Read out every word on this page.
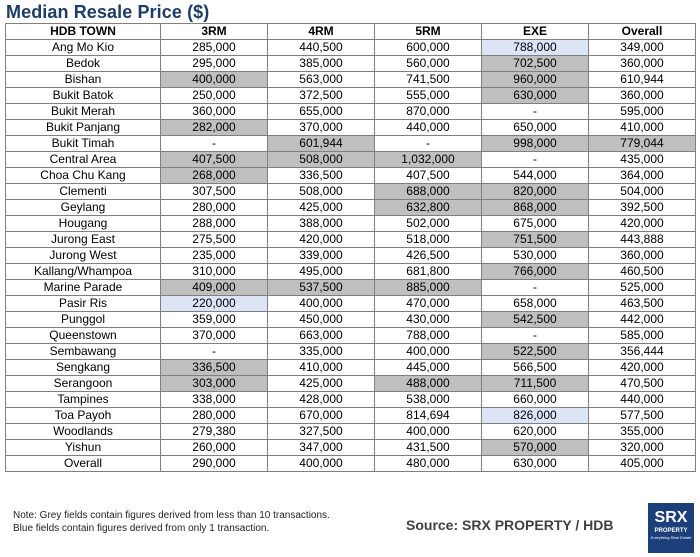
Median Resale Price ($)
HDB TOWN	3RM	4RM	5RM	EXE	Overall
Ang Mo Kio	285,000	440,500	600,000	788,000	349,000
Bedok	295,000	385,000	560,000	702,500	360,000
Bishan	400,000	563,000	741,500	960,000	610,944
Bukit Batok	250,000	372,500	555,000	630,000	360,000
Bukit Merah	360,000	655,000	870,000	-	595,000
Bukit Panjang	282,000	370,000	440,000	650,000	410,000
Bukit Timah	-	601,944	-	998,000	779,044
Central Area	407,500	508,000	1,032,000	-	435,000
Choa Chu Kang	268,000	336,500	407,500	544,000	364,000
Clementi	307,500	508,000	688,000	820,000	504,000
Geylang	280,000	425,000	632,800	868,000	392,500
Hougang	288,000	388,000	502,000	675,000	420,000
Jurong East	275,500	420,000	518,000	751,500	443,888
Jurong West	235,000	339,000	426,500	530,000	360,000
Kallang/Whampoa	310,000	495,000	681,800	766,000	460,500
Marine Parade	409,000	537,500	885,000	-	525,000
Pasir Ris	220,000	400,000	470,000	658,000	463,500
Punggol	359,000	450,000	430,000	542,500	442,000
Queenstown	370,000	663,000	788,000	-	585,000
Sembawang	-	335,000	400,000	522,500	356,444
Sengkang	336,500	410,000	445,000	566,500	420,000
Serangoon	303,000	425,000	488,000	711,500	470,500
Tampines	338,000	428,000	538,000	660,000	440,000
Toa Payoh	280,000	670,000	814,694	826,000	577,500
Woodlands	279,380	327,500	400,000	620,000	355,000
Yishun	260,000	347,000	431,500	570,000	320,000
Overall	290,000	400,000	480,000	630,000	405,000
Note: Grey fields contain figures derived from less than 10 transactions.
Blue fields contain figures derived from only 1 transaction.	Source: SRX PROPERTY / HDB	SRX
PROPERTY
Everything Real Estate
